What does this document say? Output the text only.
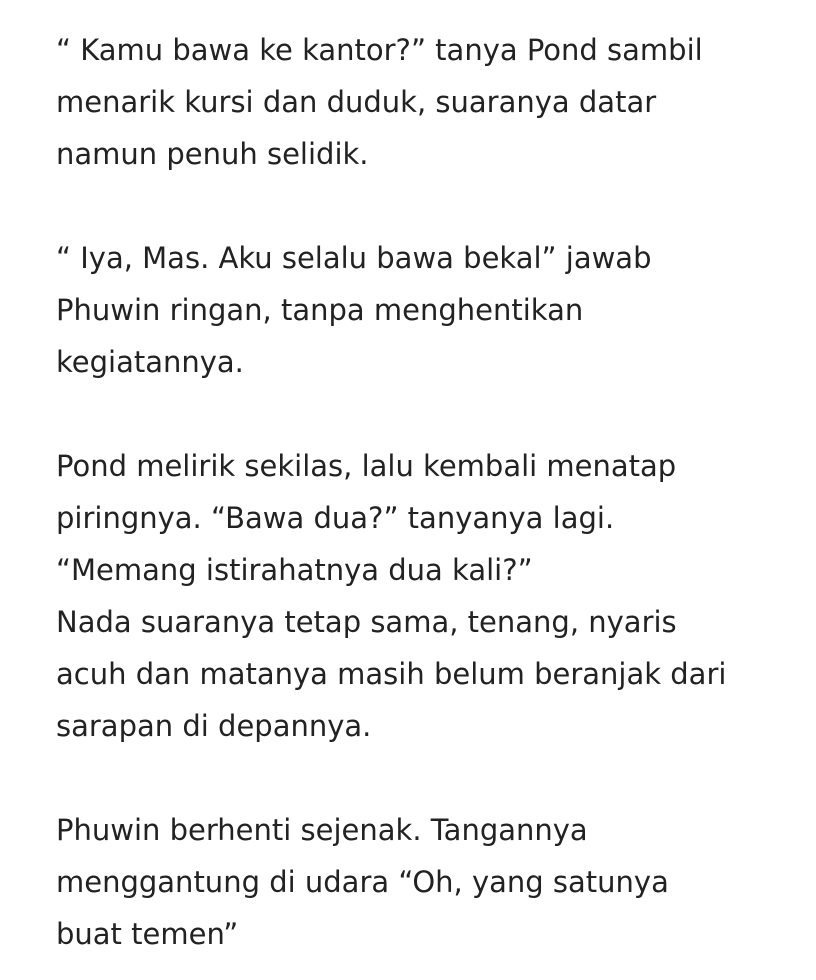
“ Kamu bawa ke kantor?” tanya Pond sambil
menarik kursi dan duduk, suaranya datar
namun penuh selidik.

“ Iya, Mas. Aku selalu bawa bekal” jawab
Phuwin ringan, tanpa menghentikan
kegiatannya.

Pond melirik sekilas, lalu kembali menatap
piringnya. “Bawa dua?” tanyanya lagi.
“Memang istirahatnya dua kali?”
Nada suaranya tetap sama, tenang, nyaris
acuh dan matanya masih belum beranjak dari
sarapan di depannya.

Phuwin berhenti sejenak. Tangannya
menggantung di udara “Oh, yang satunya
buat temen”
